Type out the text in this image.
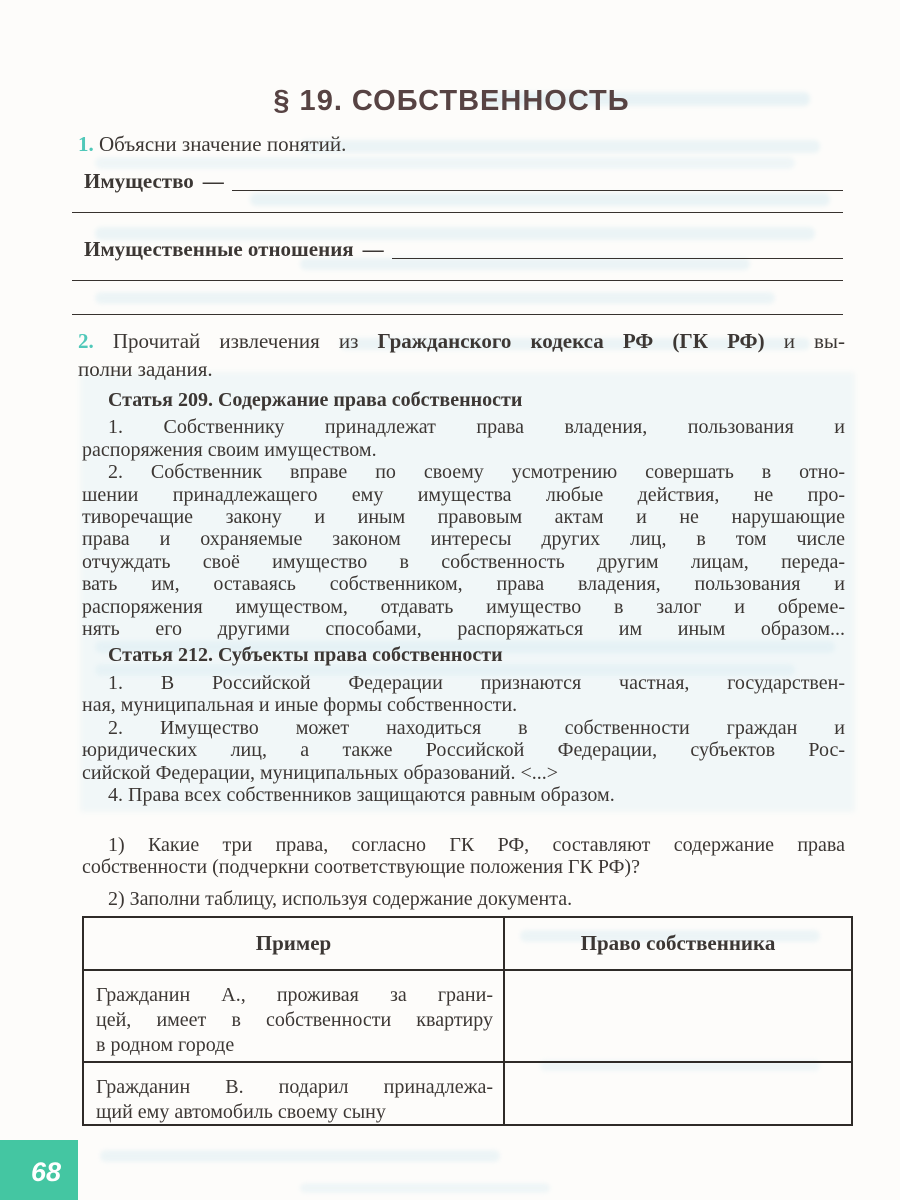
§ 19. СОБСТВЕННОСТЬ
1. Объясни значение понятий.
Имущество —
Имущественные отношения —
2. Прочитай извлечения из Гражданского кодекса РФ (ГК РФ) и вы-
полни задания.
Статья 209. Содержание права собственности
1. Собственнику принадлежат права владения, пользования и
распоряжения своим имуществом.
2. Собственник вправе по своему усмотрению совершать в отно-
шении принадлежащего ему имущества любые действия, не про-
тиворечащие закону и иным правовым актам и не нарушающие
права и охраняемые законом интересы других лиц, в том числе
отчуждать своё имущество в собственность другим лицам, переда-
вать им, оставаясь собственником, права владения, пользования и
распоряжения имуществом, отдавать имущество в залог и обреме-
нять его другими способами, распоряжаться им иным образом...
Статья 212. Субъекты права собственности
1. В Российской Федерации признаются частная, государствен-
ная, муниципальная и иные формы собственности.
2. Имущество может находиться в собственности граждан и
юридических лиц, а также Российской Федерации, субъектов Рос-
сийской Федерации, муниципальных образований. <...>
4. Права всех собственников защищаются равным образом.
1) Какие три права, согласно ГК РФ, составляют содержание права
собственности (подчеркни соответствующие положения ГК РФ)?
2) Заполни таблицу, используя содержание документа.
Пример	Право собственника
Гражданин А., проживая за грани-
цей, имеет в собственности квартиру
в родном городе
Гражданин В. подарил принадлежа-
щий ему автомобиль своему сыну
68
